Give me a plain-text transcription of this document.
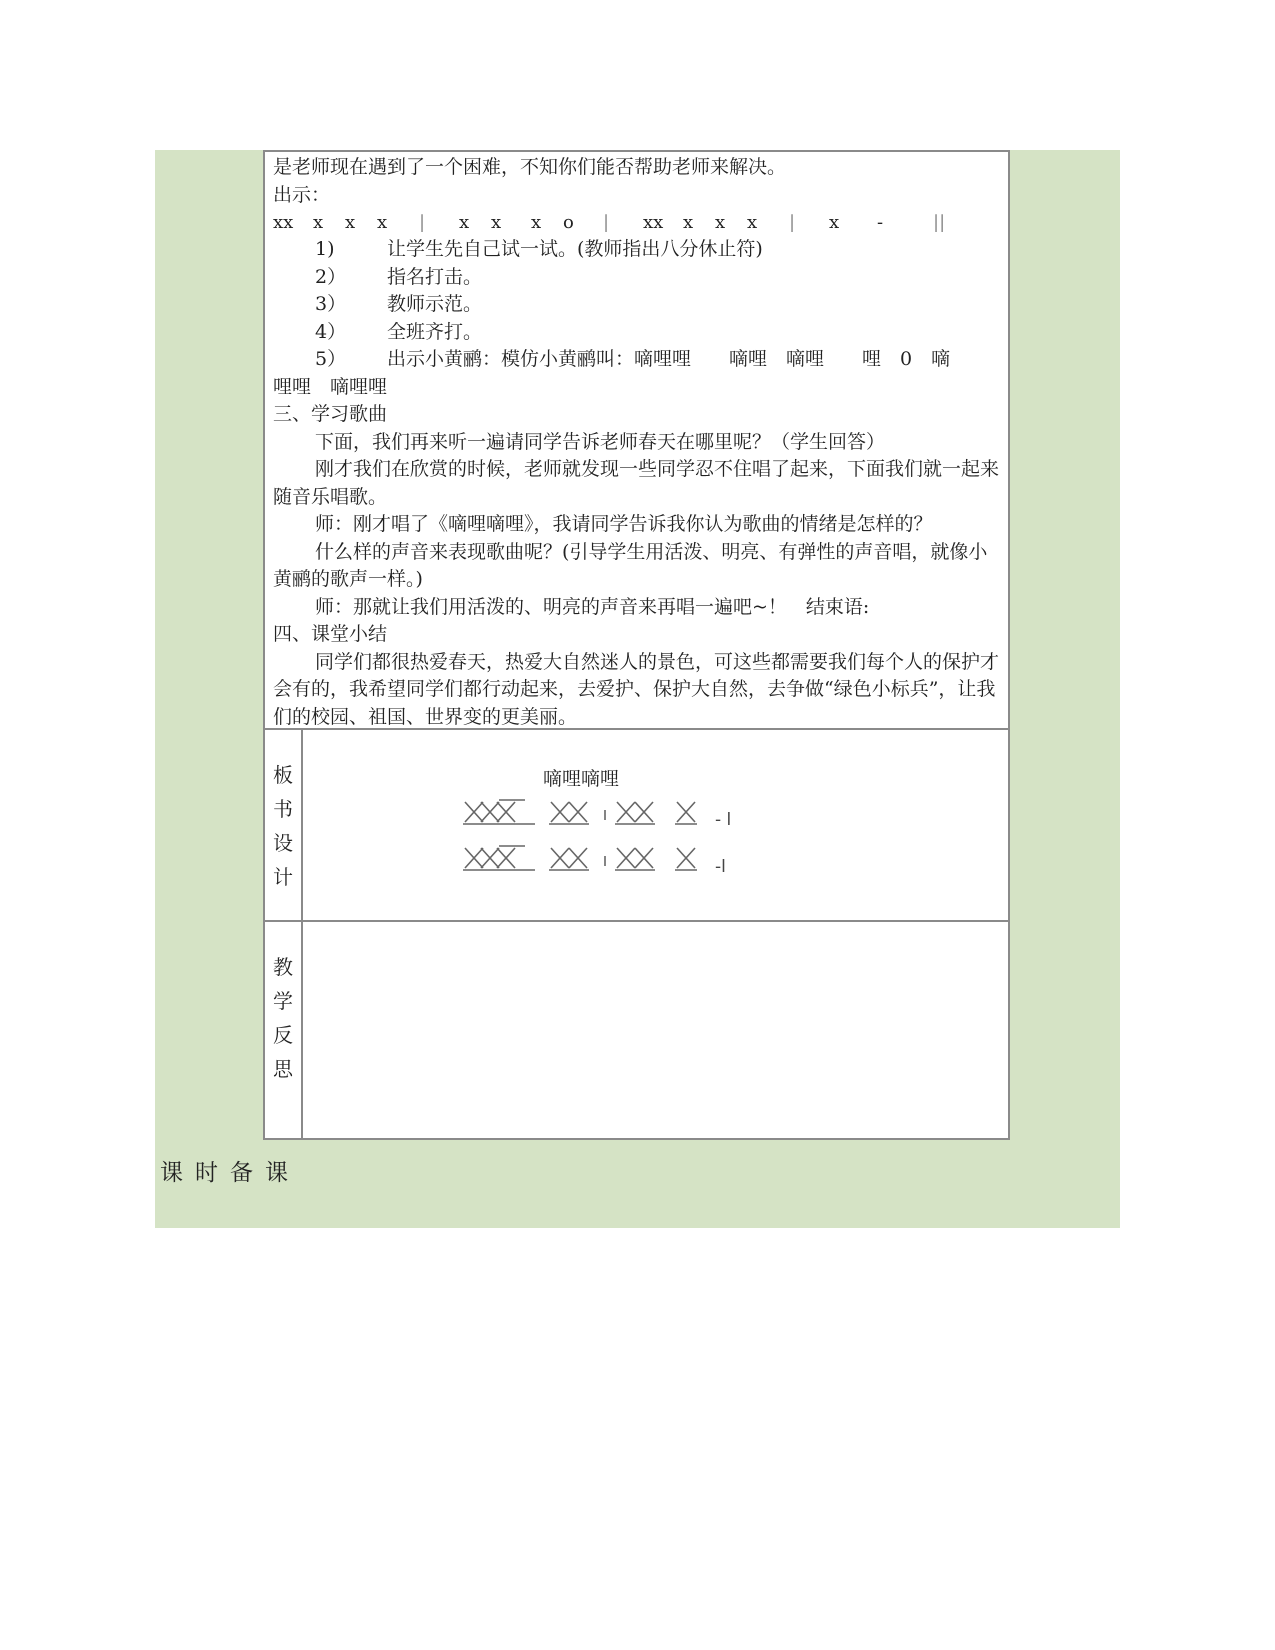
是老师现在遇到了一个困难，不知你们能否帮助老师来解决。

出示：

xx	x	x	x	|	x	x	x	o	|	xx	x	x	x	|	x	-	||
1)	让学生先自己试一试。(教师指出八分休止符)
2）	指名打击。
3）	教师示范。
4）	全班齐打。
5）	出示小黄鹂：模仿小黄鹂叫：嘀哩哩　　嘀哩　嘀哩　　哩　0　嘀

哩哩　嘀哩哩

三、学习歌曲

下面，我们再来听一遍请同学告诉老师春天在哪里呢？（学生回答）

刚才我们在欣赏的时候，老师就发现一些同学忍不住唱了起来，下面我们就一起来随音乐唱歌。

师：刚才唱了《嘀哩嘀哩》，我请同学告诉我你认为歌曲的情绪是怎样的？

什么样的声音来表现歌曲呢？(引导学生用活泼、明亮、有弹性的声音唱，就像小黄鹂的歌声一样。)

师：那就让我们用活泼的、明亮的声音来再唱一遍吧~！　结束语:

四、课堂小结

同学们都很热爱春天，热爱大自然迷人的景色，可这些都需要我们每个人的保护才会有的，我希望同学们都行动起来，去爱护、保护大自然，去争做“绿色小标兵”，让我们的校园、祖国、世界变的更美丽。

板
书
设
计
嘀哩嘀哩
- l
-l
教
学
反
思
课时备课
